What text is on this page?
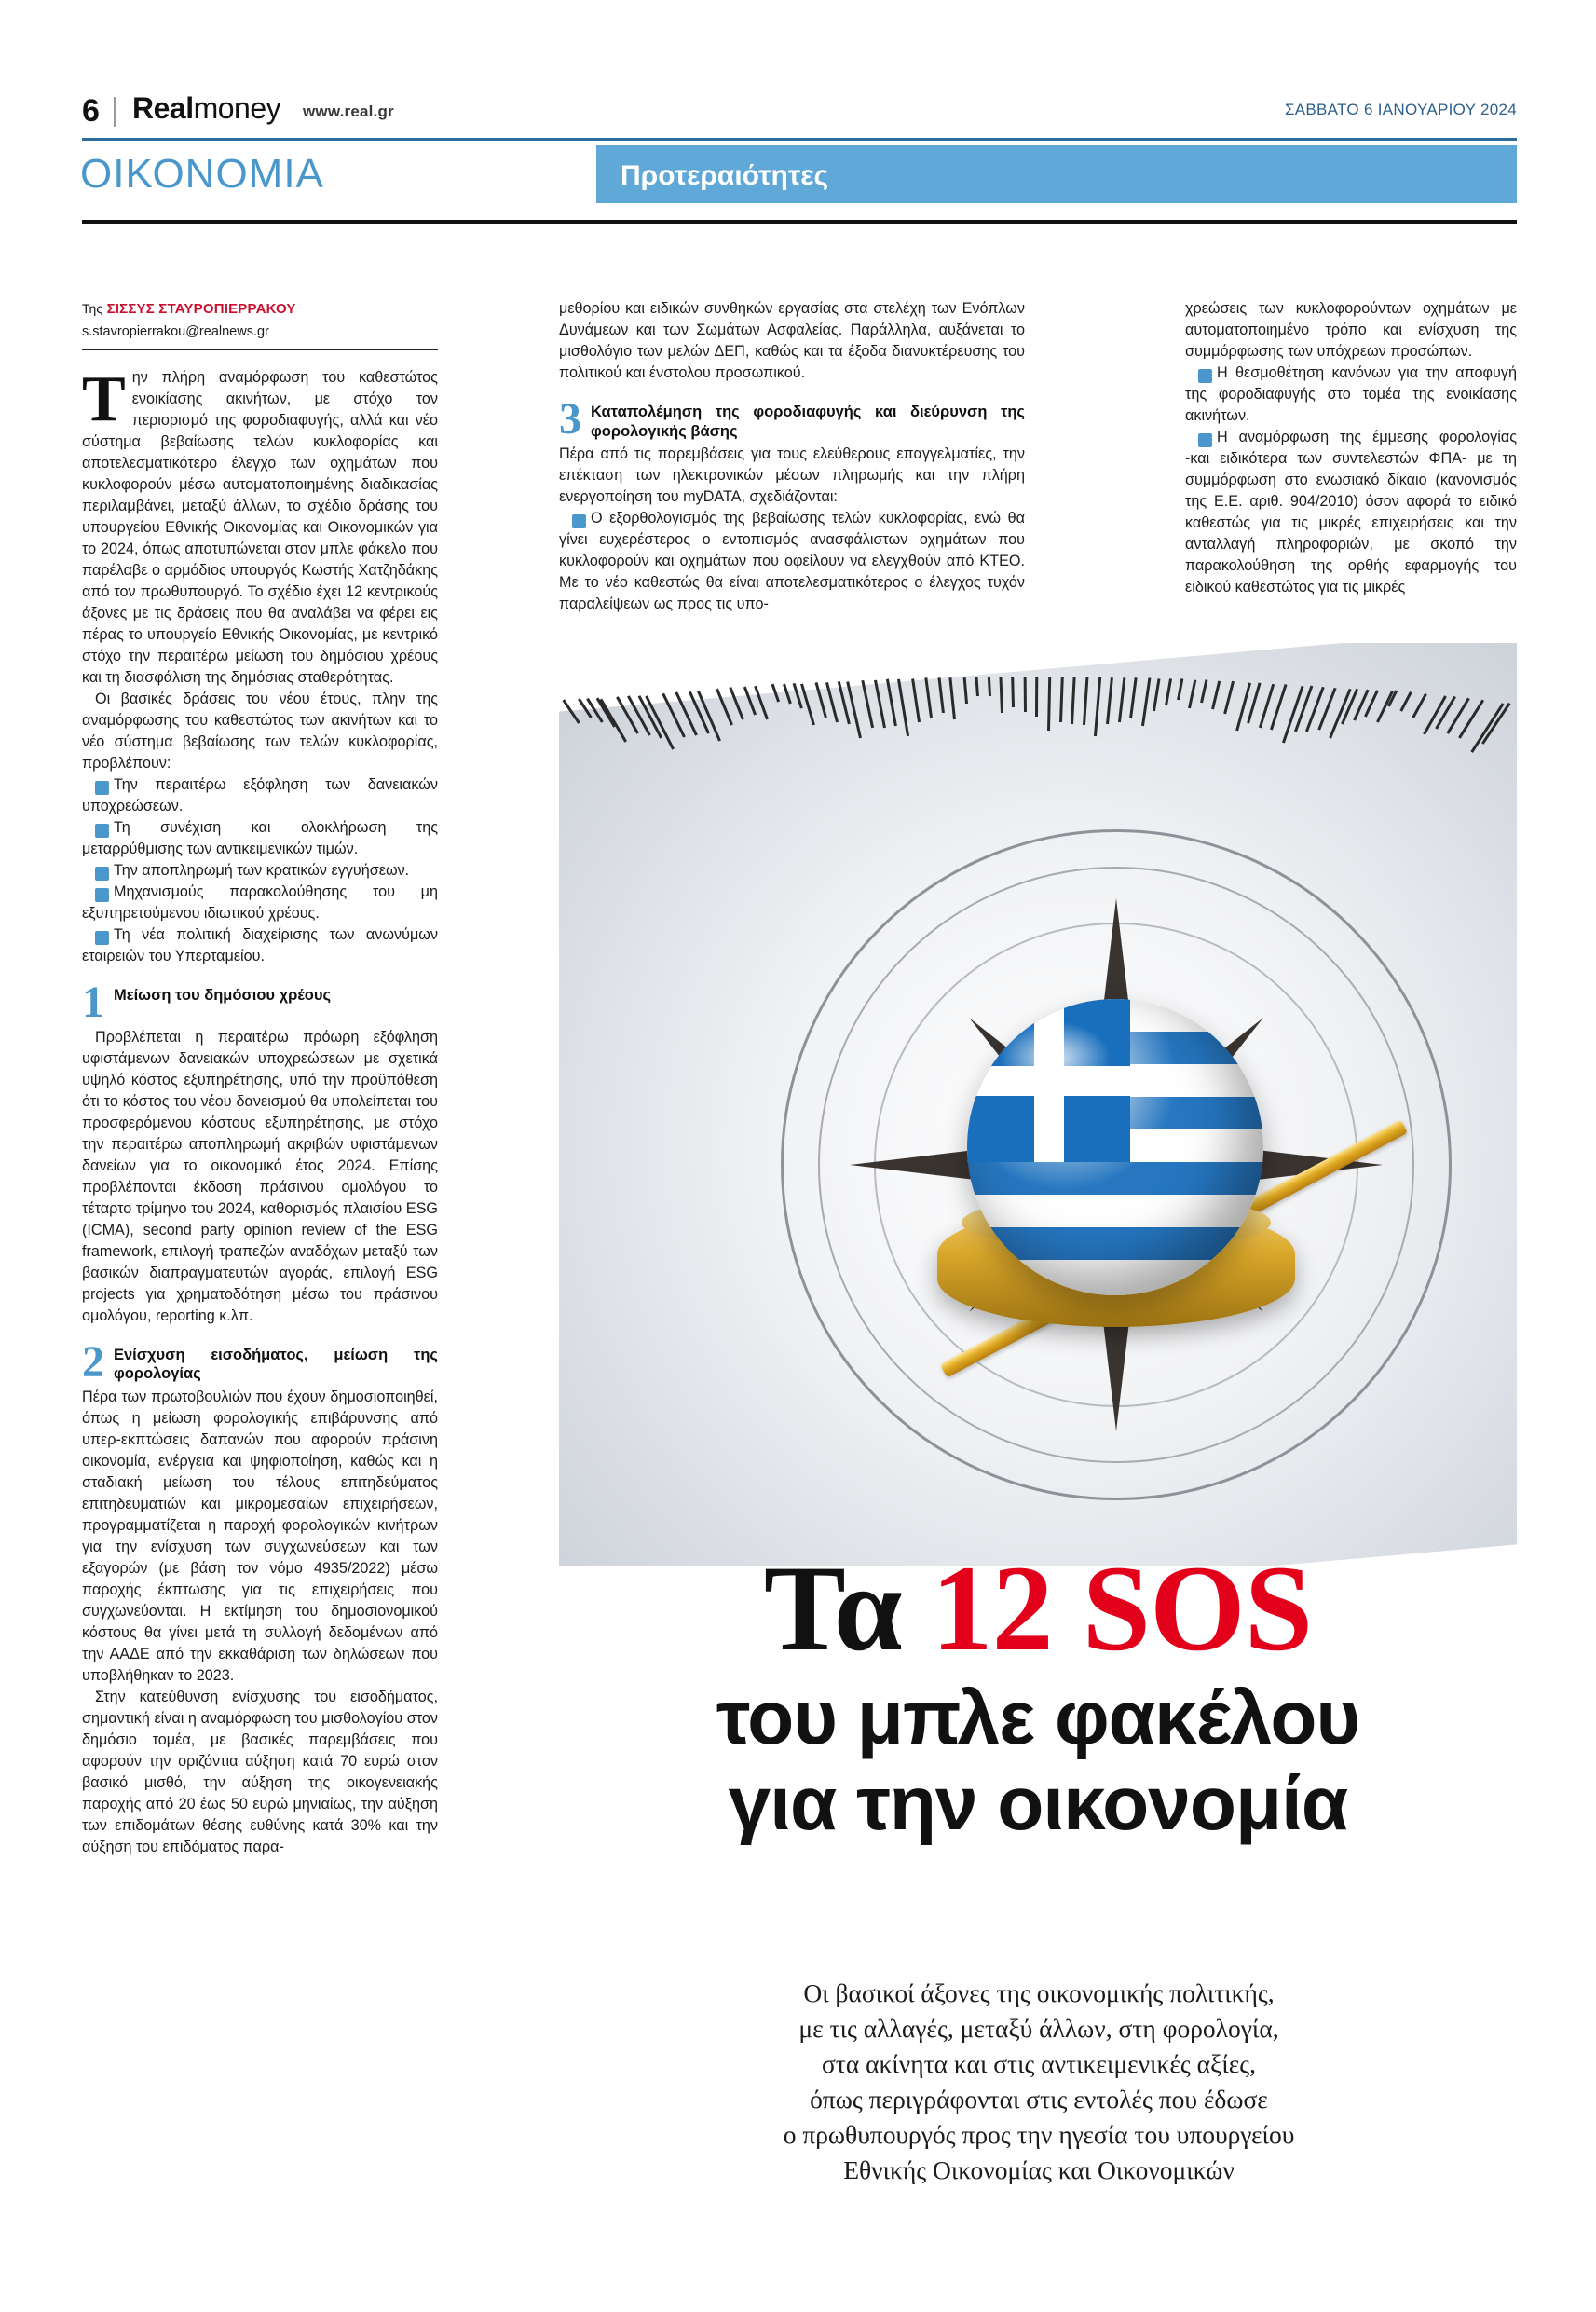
6 Realmoney www.real.gr	ΣΑΒΒΑΤΟ 6 ΙΑΝΟΥΑΡΙΟΥ 2024
Προτεραιότητες
ΟΙΚΟΝΟΜΙΑ
Της ΣΙΣΣΥΣ ΣΤΑΥΡΟΠΙΕΡΡΑΚΟΥ
s.stavropierrakou@realnews.gr

Την πλήρη αναμόρφωση του καθεστώτος ενοικίασης ακινήτων, με στόχο τον περιορισμό της φοροδιαφυγής, αλλά και νέο σύστημα βεβαίωσης τελών κυκλοφορίας και αποτελεσματικότερο έλεγχο των οχημάτων που κυκλοφορούν μέσω αυτοματοποιημένης διαδικασίας περιλαμβάνει, μεταξύ άλλων, το σχέδιο δράσης του υπουργείου Εθνικής Οικονομίας και Οικονομικών για το 2024, όπως αποτυπώνεται στον μπλε φάκελο που παρέλαβε ο αρμόδιος υπουργός Κωστής Χατζηδάκης από τον πρωθυπουργό. Το σχέδιο έχει 12 κεντρικούς άξονες με τις δράσεις που θα αναλάβει να φέρει εις πέρας το υπουργείο Εθνικής Οικονομίας, με κεντρικό στόχο την περαιτέρω μείωση του δημόσιου χρέους και τη διασφάλιση της δημόσιας σταθερότητας.

Οι βασικές δράσεις του νέου έτους, πλην της αναμόρφωσης του καθεστώτος των ακινήτων και το νέο σύστημα βεβαίωσης των τελών κυκλοφορίας, προβλέπουν:

› Την περαιτέρω εξόφληση των δανειακών υποχρεώσεων.

› Τη συνέχιση και ολοκλήρωση της μεταρρύθμισης των αντικειμενικών τιμών.

› Την αποπληρωμή των κρατικών εγγυήσεων.

› Μηχανισμούς παρακολούθησης του μη εξυπηρετούμενου ιδιωτικού χρέους.

› Τη νέα πολιτική διαχείρισης των ανωνύμων εταιρειών του Υπερταμείου.

1 Μείωση του δημόσιου χρέους

Προβλέπεται η περαιτέρω πρόωρη εξόφληση υφιστάμενων δανειακών υποχρεώσεων με σχετικά υψηλό κόστος εξυπηρέτησης, υπό την προϋπόθεση ότι το κόστος του νέου δανεισμού θα υπολείπεται του προσφερόμενου κόστους εξυπηρέτησης, με στόχο την περαιτέρω αποπληρωμή ακριβών υφιστάμενων δανείων για το οικονομικό έτος 2024. Επίσης προβλέπονται έκδοση πράσινου ομολόγου το τέταρτο τρίμηνο του 2024, καθορισμός πλαισίου ESG (ICMA), second party opinion review of the ESG framework, επιλογή τραπεζών αναδόχων μεταξύ των βασικών διαπραγματευτών αγοράς, επιλογή ESG projects για χρηματοδότηση μέσω του πράσινου ομολόγου, reporting κ.λπ.

2 Ενίσχυση εισοδήματος, μείωση της φορολογίας

Πέρα των πρωτοβουλιών που έχουν δημοσιοποιηθεί, όπως η μείωση φορολογικής επιβάρυνσης από υπερ-εκπτώσεις δαπανών που αφορούν πράσινη οικονομία, ενέργεια και ψηφιοποίηση, καθώς και η σταδιακή μείωση του τέλους επιτηδεύματος επιτηδευματιών και μικρομεσαίων επιχειρήσεων, προγραμματίζεται η παροχή φορολογικών κινήτρων για την ενίσχυση των συγχωνεύσεων και των εξαγορών (με βάση τον νόμο 4935/2022) μέσω παροχής έκπτωσης για τις επιχειρήσεις που συγχωνεύονται. Η εκτίμηση του δημοσιονομικού κόστους θα γίνει μετά τη συλλογή δεδομένων από την ΑΑΔΕ από την εκκαθάριση των δηλώσεων που υποβλήθηκαν το 2023.

Στην κατεύθυνση ενίσχυσης του εισοδήματος, σημαντική είναι η αναμόρφωση του μισθολογίου στον δημόσιο τομέα, με βασικές παρεμβάσεις που αφορούν την οριζόντια αύξηση κατά 70 ευρώ στον βασικό μισθό, την αύξηση της οικογενειακής παροχής από 20 έως 50 ευρώ μηνιαίως, την αύξηση των επιδομάτων θέσης ευθύνης κατά 30% και την αύξηση του επιδόματος παρα-

μεθορίου και ειδικών συνθηκών εργασίας στα στελέχη των Ενόπλων Δυνάμεων και των Σωμάτων Ασφαλείας. Παράλληλα, αυξάνεται το μισθολόγιο των μελών ΔΕΠ, καθώς και τα έξοδα διανυκτέρευσης του πολιτικού και ένστολου προσωπικού.

3 Καταπολέμηση της φοροδιαφυγής και διεύρυνση της φορολογικής βάσης

Πέρα από τις παρεμβάσεις για τους ελεύθερους επαγγελματίες, την επέκταση των ηλεκτρονικών μέσων πληρωμής και την πλήρη ενεργοποίηση του myDATA, σχεδιάζονται:

› Ο εξορθολογισμός της βεβαίωσης τελών κυκλοφορίας, ενώ θα γίνει ευχερέστερος ο εντοπισμός ανασφάλιστων οχημάτων που κυκλοφορούν και οχημάτων που οφείλουν να ελεγχθούν από ΚΤΕΟ. Με το νέο καθεστώς θα είναι αποτελεσματικότερος ο έλεγχος τυχόν παραλείψεων ως προς τις υπο-

χρεώσεις των κυκλοφορούντων οχημάτων με αυτοματοποιημένο τρόπο και ενίσχυση της συμμόρφωσης των υπόχρεων προσώπων.

› Η θεσμοθέτηση κανόνων για την αποφυγή της φοροδιαφυγής στο τομέα της ενοικίασης ακινήτων.

› Η αναμόρφωση της έμμεσης φορολογίας -και ειδικότερα των συντελεστών ΦΠΑ- με τη συμμόρφωση στο ενωσιακό δίκαιο (κανονισμός της Ε.Ε. αριθ. 904/2010) όσον αφορά το ειδικό καθεστώς για τις μικρές επιχειρήσεις και την ανταλλαγή πληροφοριών, με σκοπό την παρακολούθηση της ορθής εφαρμογής του ειδικού καθεστώτος για τις μικρές

Τα 12 SOS
του μπλε φακέλου
για την οικονομία
Οι βασικοί άξονες της οικονομικής πολιτικής,
με τις αλλαγές, μεταξύ άλλων, στη φορολογία,
στα ακίνητα και στις αντικειμενικές αξίες,
όπως περιγράφονται στις εντολές που έδωσε
ο πρωθυπουργός προς την ηγεσία του υπουργείου
Εθνικής Οικονομίας και Οικονομικών
